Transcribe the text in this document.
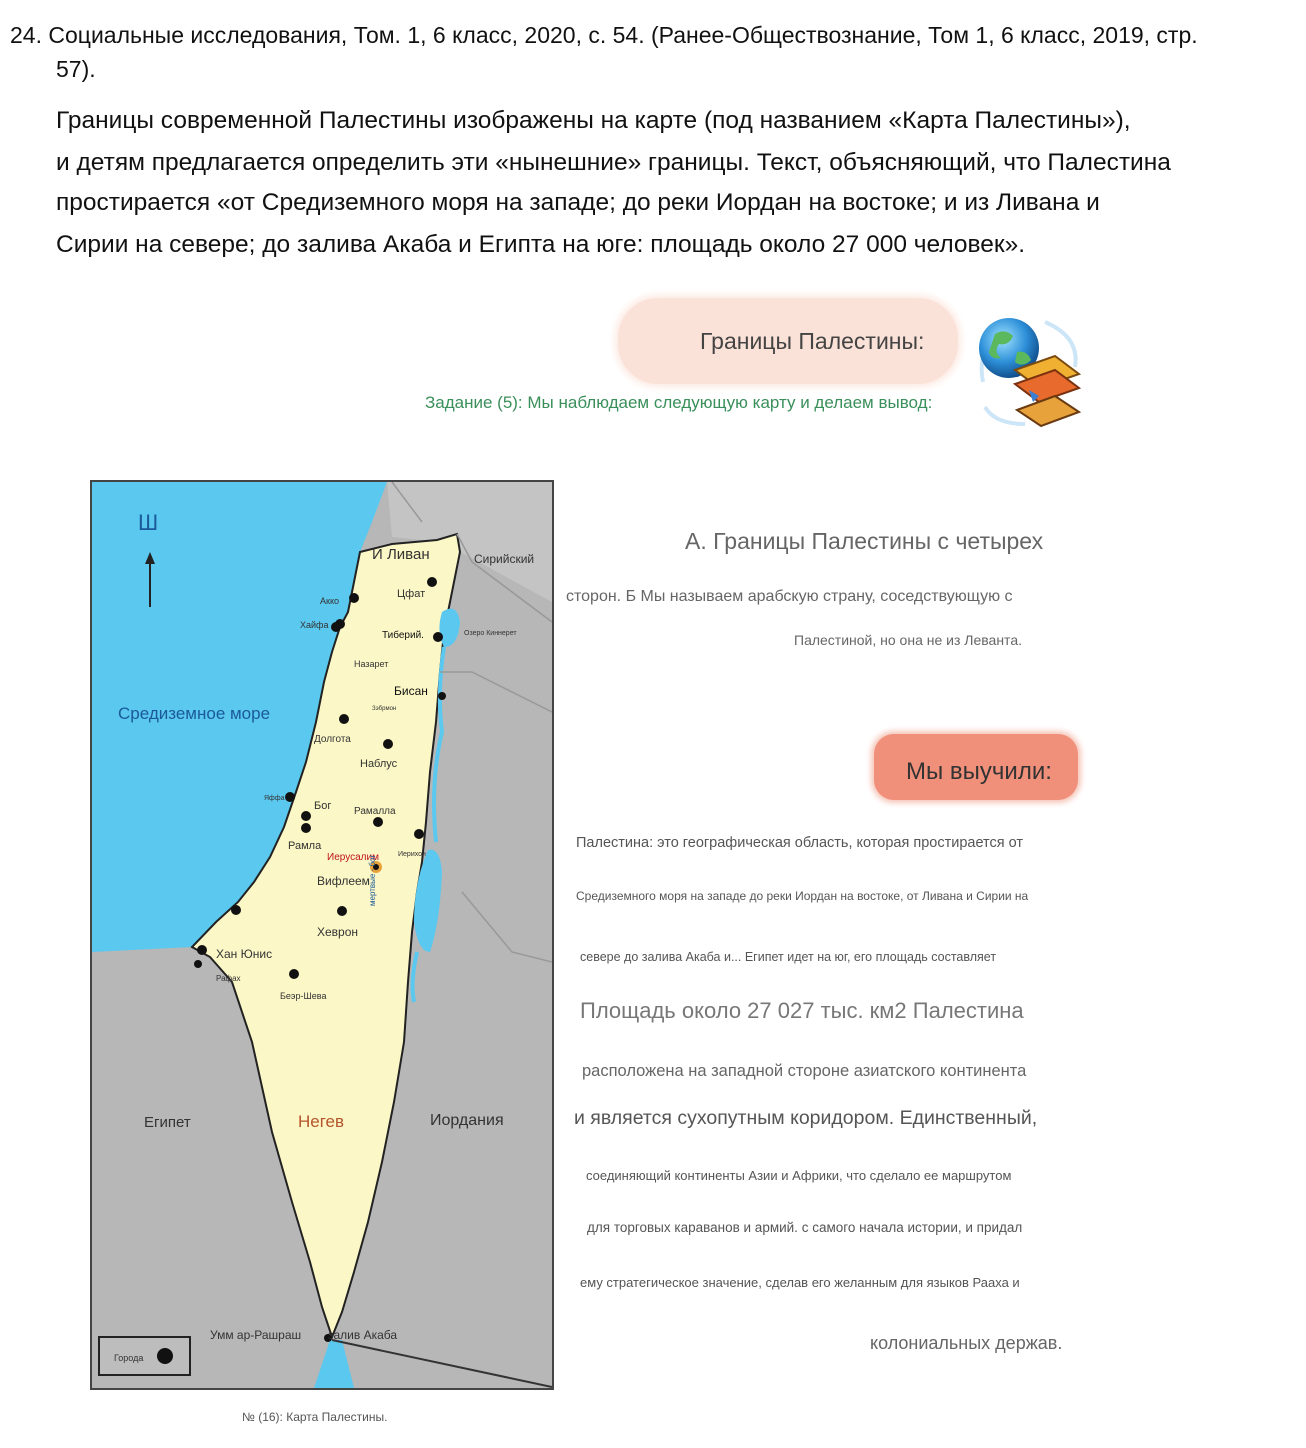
24. Социальные исследования, Том. 1, 6 класс, 2020, с. 54. (Ранее-Обществознание, Том 1, 6 класс, 2019, стр.
57).
Границы современной Палестины изображены на карте (под названием «Карта Палестины»),
и детям предлагается определить эти «нынешние» границы. Текст, объясняющий, что Палестина
простирается «от Средиземного моря на западе; до реки Иордан на востоке; и из Ливана и
Сирии на севере; до залива Акаба и Египта на юге: площадь около 27 000 человек».
Границы Палестины:
Задание (5): Мы наблюдаем следующую карту и делаем вывод:
Ш
Средиземное море
И Ливан	Сирийский
Египет	Иордания
Негев
Акко
Хайфа
Цфат
Тиберий.	Озеро Киннерет
Назарет
Бисан
Зэбрмон
Долгота
Наблус
Яффа
Бог Рамалла
Рамла
Иерусалим	Иерихон
Вифлеем
мертвые - бог
Хеврон
Хан Юнис
Рафах
Беэр-Шева
Умм ар-Рашраш залив Акаба
Города
№ (16): Карта Палестины.
А. Границы Палестины с четырех
сторон. Б Мы называем арабскую страну, соседствующую с
Палестиной, но она не из Леванта.
Мы выучили:
Палестина: это географическая область, которая простирается от
Средиземного моря на западе до реки Иордан на востоке, от Ливана и Сирии на
севере до залива Акаба и... Египет идет на юг, его площадь составляет
Площадь около 27 027 тыс. км2 Палестина
расположена на западной стороне азиатского континента
и является сухопутным коридором. Единственный,
соединяющий континенты Азии и Африки, что сделало ее маршрутом
для торговых караванов и армий. с самого начала истории, и придал
ему стратегическое значение, сделав его желанным для языков Рааха и
колониальных держав.
